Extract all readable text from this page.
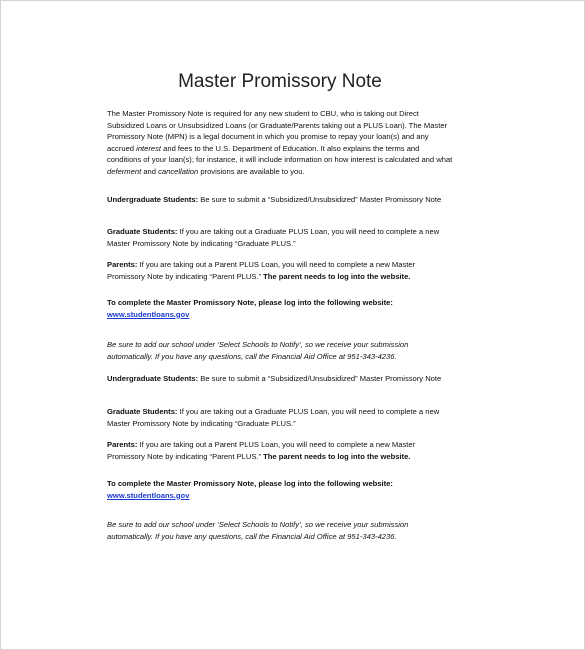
Master Promissory Note

The Master Promissory Note is required for any new student to CBU, who is taking out Direct Subsidized Loans or Unsubsidized Loans (or Graduate/Parents taking out a PLUS Loan). The Master Promissory Note (MPN) is a legal document in which you promise to repay your loan(s) and any accrued interest and fees to the U.S. Department of Education. It also explains the terms and conditions of your loan(s); for instance, it will include information on how interest is calculated and what deferment and cancellation provisions are available to you.

Undergraduate Students: Be sure to submit a “Subsidized/Unsubsidized” Master Promissory Note

Graduate Students: If you are taking out a Graduate PLUS Loan, you will need to complete a new Master Promissory Note by indicating “Graduate PLUS.”

Parents: If you are taking out a Parent PLUS Loan, you will need to complete a new Master Promissory Note by indicating “Parent PLUS.” The parent needs to log into the website.

To complete the Master Promissory Note, please log into the following website:
www.studentloans.gov

Be sure to add our school under ‘Select Schools to Notify’, so we receive your submission automatically. If you have any questions, call the Financial Aid Office at 951-343-4236.

Undergraduate Students: Be sure to submit a “Subsidized/Unsubsidized” Master Promissory Note

Graduate Students: If you are taking out a Graduate PLUS Loan, you will need to complete a new Master Promissory Note by indicating “Graduate PLUS.”

Parents: If you are taking out a Parent PLUS Loan, you will need to complete a new Master Promissory Note by indicating “Parent PLUS.” The parent needs to log into the website.

To complete the Master Promissory Note, please log into the following website:
www.studentloans.gov

Be sure to add our school under ‘Select Schools to Notify’, so we receive your submission automatically. If you have any questions, call the Financial Aid Office at 951-343-4236.
